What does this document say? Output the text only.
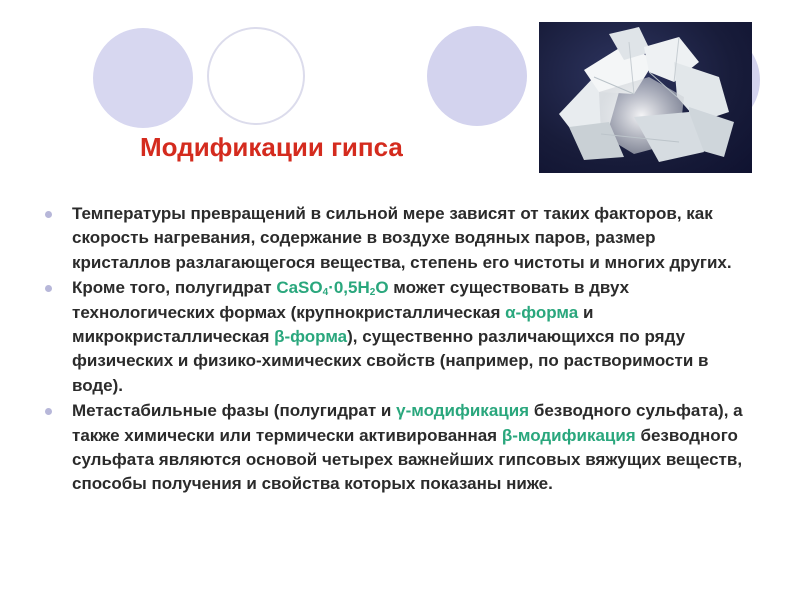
Модификации гипса
Температуры превращений в сильной мере зависят от таких факторов, как скорость нагревания, содержание в воздухе водяных паров, размер кристаллов разлагающегося вещества, степень его чистоты и многих других.
Кроме того, полугидрат $CaSO_4\cdot 0,5H_2O$ может существовать в двух технологических формах (крупнокристаллическая α-форма и микрокристаллическая β-форма), существенно различающихся по ряду физических и физико-химических свойств (например, по растворимости в воде).
Метастабильные фазы (полугидрат и γ-модификация безводного сульфата), а также химически или термически активированная β-модификация безводного сульфата являются основой четырех важнейших гипсовых вяжущих веществ, способы получения и свойства которых показаны ниже.
